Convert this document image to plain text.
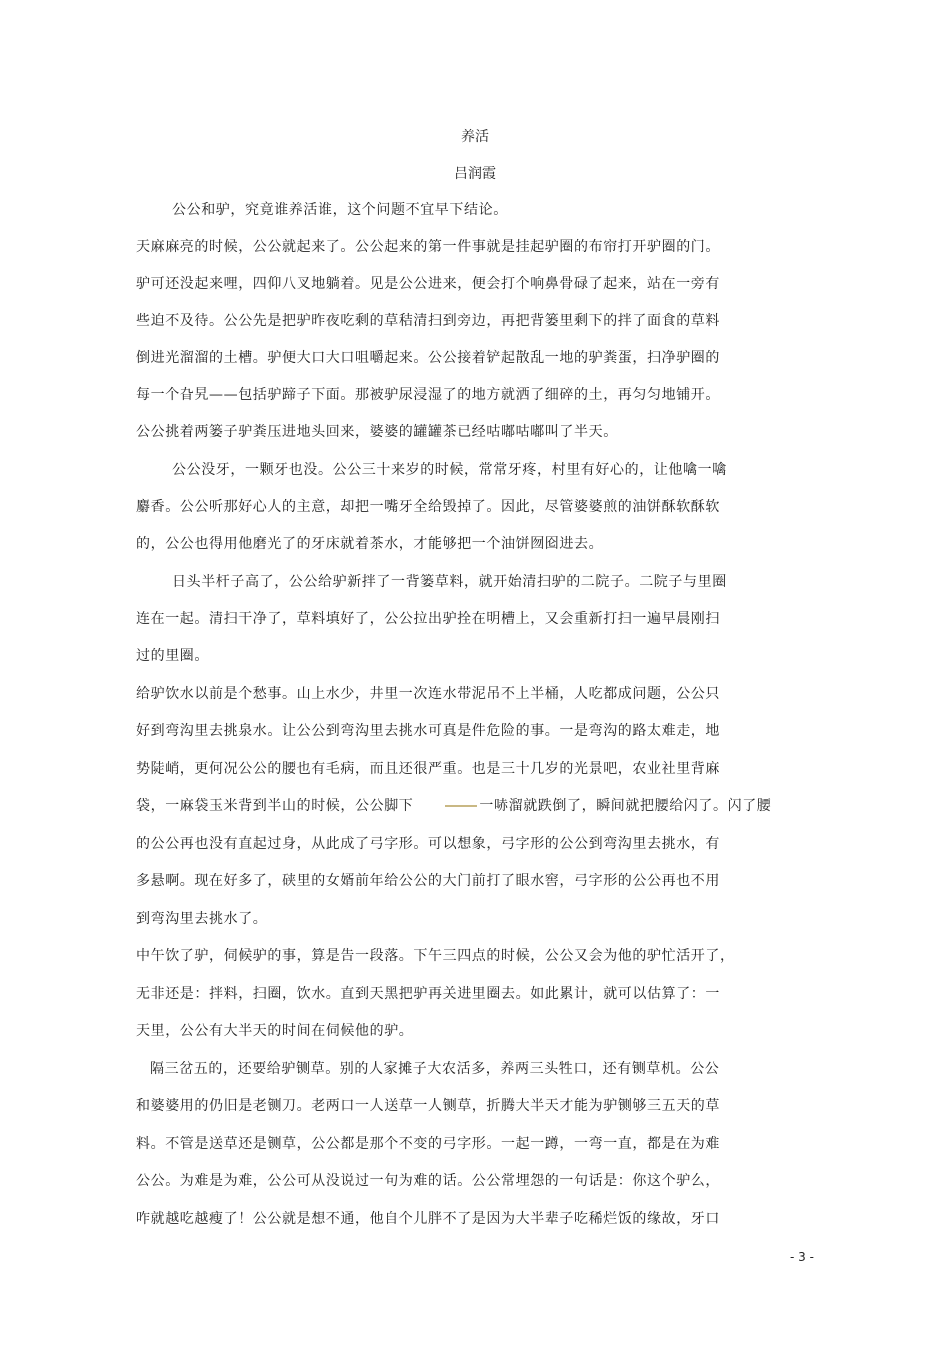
养活
吕润霞
公公和驴，究竟谁养活谁，这个问题不宜早下结论。
天麻麻亮的时候，公公就起来了。公公起来的第一件事就是挂起驴圈的布帘打开驴圈的门。
驴可还没起来哩，四仰八叉地躺着。见是公公进来，便会打个响鼻骨碌了起来，站在一旁有
些迫不及待。公公先是把驴昨夜吃剩的草秸清扫到旁边，再把背篓里剩下的拌了面食的草料
倒进光溜溜的土槽。驴便大口大口咀嚼起来。公公接着铲起散乱一地的驴粪蛋，扫净驴圈的
每一个旮旯——包括驴蹄子下面。那被驴尿浸湿了的地方就洒了细碎的土，再匀匀地铺开。
公公挑着两篓子驴粪压进地头回来，婆婆的罐罐茶已经咕嘟咕嘟叫了半天。
公公没牙，一颗牙也没。公公三十来岁的时候，常常牙疼，村里有好心的，让他噙一噙
麝香。公公听那好心人的主意，却把一嘴牙全给毁掉了。因此，尽管婆婆煎的油饼酥软酥软
的，公公也得用他磨光了的牙床就着茶水，才能够把一个油饼囫囵进去。
日头半杆子高了，公公给驴新拌了一背篓草料，就开始清扫驴的二院子。二院子与里圈
连在一起。清扫干净了，草料填好了，公公拉出驴拴在明槽上，又会重新打扫一遍早晨刚扫
过的里圈。
给驴饮水以前是个愁事。山上水少，井里一次连水带泥吊不上半桶，人吃都成问题，公公只
好到弯沟里去挑泉水。让公公到弯沟里去挑水可真是件危险的事。一是弯沟的路太难走，地
势陡峭，更何况公公的腰也有毛病，而且还很严重。也是三十几岁的光景吧，农业社里背麻
袋，一麻袋玉米背到半山的时候，公公脚下	一哧溜就跌倒了，瞬间就把腰给闪了。闪了腰
的公公再也没有直起过身，从此成了弓字形。可以想象，弓字形的公公到弯沟里去挑水，有
多悬啊。现在好多了，硖里的女婿前年给公公的大门前打了眼水窖，弓字形的公公再也不用
到弯沟里去挑水了。
中午饮了驴，伺候驴的事，算是告一段落。下午三四点的时候，公公又会为他的驴忙活开了，
无非还是：拌料，扫圈，饮水。直到天黑把驴再关进里圈去。如此累计，就可以估算了：一
天里，公公有大半天的时间在伺候他的驴。
隔三岔五的，还要给驴铡草。别的人家摊子大农活多，养两三头牲口，还有铡草机。公公
和婆婆用的仍旧是老铡刀。老两口一人送草一人铡草，折腾大半天才能为驴铡够三五天的草
料。不管是送草还是铡草，公公都是那个不变的弓字形。一起一蹲，一弯一直，都是在为难
公公。为难是为难，公公可从没说过一句为难的话。公公常埋怨的一句话是：你这个驴么，
咋就越吃越瘦了！公公就是想不通，他自个儿胖不了是因为大半辈子吃稀烂饭的缘故，牙口
- 3 -
